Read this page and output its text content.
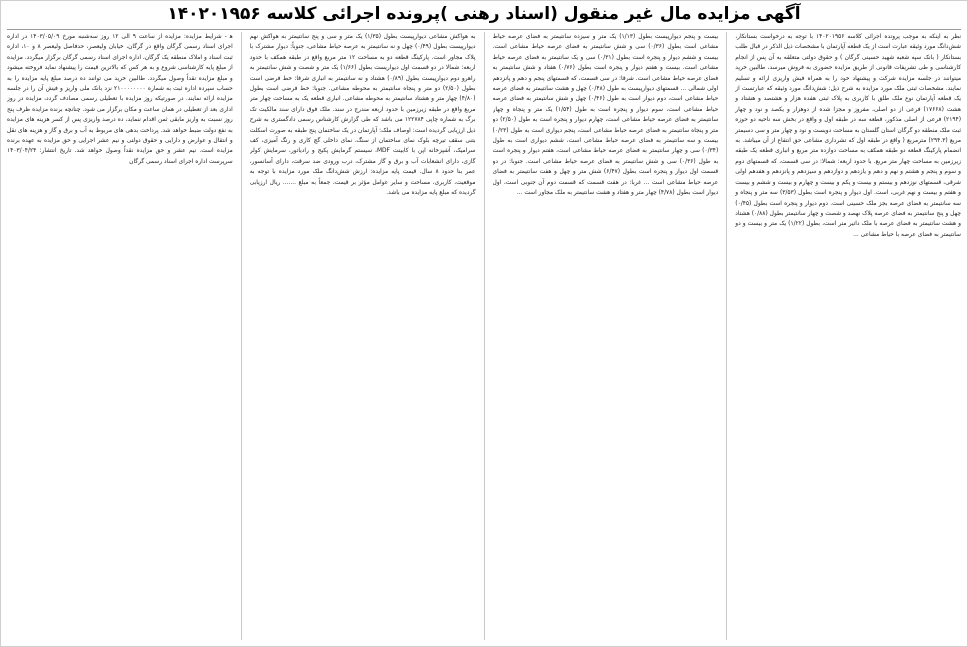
آگهی مزایده مال غیر منقول (اسناد رهنی )پرونده اجرائی کلاسه ۱۴۰۲۰۱۹۵۶

نظر به اینکه به موجب پرونده اجرائی کلاسه ۱۴۰۲۰۱۹۵۶ با توجه به درخواست بستانکار، شش‌دانگ مورد وثیقه عبارت است از یک قطعه آپارتمان با مشخصات ذیل الذکر در قبال طلب بستانکار ( بانک سپه شعبه شهید حسینی گرگان ) و حقوق دولتی متعلقه به آن پس از انجام کارشناسی و طی تشریفات قانونی از طریق مزایده حضوری به فروش میرسد، طالبین خرید میتوانند در جلسه مزایده شرکت و پیشنهاد خود را به همراه فیش واریزی ارائه و تسلیم نمایند. مشخصات ثبتی ملک مورد مزایده به شرح ذیل: شش‌دانگ مورد وثیقه که عبارتست از یک قطعه آپارتمان نوع ملک طلق با کاربری به پلاک ثبتی هفده هزار و هشتصد و هشتاد و هشت (۱۷۶۶۸) فرعی از دو اصلی، مفروز و مجزا شده از دوهزار و یکصد و نود و چهار (۲۱۹۴) فرعی از اصلی مذکور، قطعه سه در طبقه اول و واقع در بخش سه ناحیه دو حوزه ثبت ملک منطقه دو گرگان استان گلستان به مساحت دویست و نود و چهار متر و سی دسیمتر مربع (۲۹۴.۳) مترمربع ( واقع در طبقه اول که تشرداری مشاعی حق انتفاع از آن میباشد. به انضمام پارکینگ قطعه دو طبقه همکف به مساحت دوازده متر مربع و انباری قطعه یک طبقه زیرزمین به مساحت چهار متر مربع. با حدود اربعه: شمالا: در سی قسمت، که قسمتهای دوم و سوم و پنجم و هشتم و نهم و دهم و یازدهم و دوازدهم و سیزدهم و پانزدهم و هفدهم اولی شرقی، قسمتهای نوزدهم و بیستم و بیست و یکم و بیست و چهارم و بیست و ششم و بیست و هفتم و بیست و نهم غربی، است. اول دیوار و پنجره است بطول (۳/۵۳) سه متر و پنجاه و سه سانتیمتر به فضای عرصه بجز ملک حسینی است. دوم دیوار و پنجره است بطول (۰/۴۵) چهل و پنج سانتیمتر به فضای عرصه پلاک نهصد و شصت و چهار سانتیمتر بطول (۰/۸۸) هشتاد و هشت سانتیمتر به فضای عرصه با ملک داتیر متر است، بطول (۱/۲۲) یک متر و بیست و دو سانتیمتر به فضای عرصه با حیاط مشاعی ...

بیست و پنجم دیوارپیست بطول (۱/۱۳) یک متر و سیزده سانتیمتر به فضای عرصه حیاط مشاعی است بطول (۰/۳۶) سی و شش سانتیمتر به فضای عرصه حیاط مشاعی است. بیست و ششم دیوار و پنجره است بطول (۰/۳۱) سی و یک سانتیمتر به فضای عرصه حیاط مشاعی است. بیست و هفتم دیوار و پنجره است بطول (۰/۷۶) هفتاد و شش سانتیمتر به فضای عرصه حیاط مشاعی است. شرقا: در سی قسمت، که قسمتهای پنجم و دهم و پانزدهم اولی شمالی ... قسمتهای دیوارپیست به طول (۰/۴۸) چهل و هشت سانتیمتر به فضای عرصه حیاط مشاعی است، دوم دیوار است به طول (۰/۴۶) چهل و شش سانتیمتر به فضای عرصه حیاط مشاعی است، سوم دیوار و پنجره است به طول (۱/۵۴) یک متر و پنجاه و چهار سانتیمتر به فضای عرصه حیاط مشاعی است، چهارم دیوار و پنجره است به طول (۲/۵۰) دو متر و پنجاه سانتیمتر به فضای عرصه حیاط مشاعی است، پنجم دیواری است به طول (۰/۲۳) بیست و سه سانتیمتر به فضای عرصه حیاط مشاعی است، ششم دیواری است به طول (۰/۳۴) سی و چهار سانتیمتر به فضای عرصه حیاط مشاعی است، هفتم دیوار و پنجره است به طول (۰/۳۶) سی و شش سانتیمتر به فضای عرصه حیاط مشاعی است. جنوبا: در دو قسمت اول دیوار و پنجره است بطول (۶/۴۷) شش متر و چهل و هفت سانتیمتر به فضای عرصه حیاط مشاعی است ... غربا: در هفت قسمت که قسمت دوم آن جنوبی است، اول دیوار است بطول (۴/۷۸) چهار متر و هفتاد و هشت سانتیمتر به ملک مجاور است ...

به هواکش مشاعی دیوارپیست بطول (۱/۳۵) یک متر و سی و پنج سانتیمتر به هواکش نهم دیوارپیست بطول (۰/۴۹) چهل و نه سانتیمتر به عرصه حیاط مشاعی، جنوباً: دیوار مشترک با پلاک مجاور است. پارکینگ قطعه دو به مساحت ۱۲ متر مربع واقع در طبقه همکف با حدود اربعه: شمالا در دو قسمت اول دیواریست بطول (۱/۶۶) یک متر و شصت و شش سانتیمتر به راهرو دوم دیوارپیست بطول (۰/۸۹) هشتاد و نه سانتیمتر به انباری شرقا: خط فرضی است بطول (۲/۵۰) دو متر و پنجاه سانتیمتر به محوطه مشاعی. جنوبا: خط فرضی است بطول (۴/۸۰) چهار متر و هشتاد سانتیمتر به محوطه مشاعی. انباری قطعه یک به مساحت چهار متر مربع واقع در طبقه زیرزمین با حدود اربعه مندرج در سند. ملک فوق دارای سند مالکیت تک برگ به شماره چاپی ۱۲۲۷۸۴ می باشد که طی گزارش کارشناس رسمی دادگستری به شرح ذیل ارزیابی گردیده است: اوصاف ملک: آپارتمان در یک ساختمان پنج طبقه به صورت اسکلت بتنی سقف تیرچه بلوک نمای ساختمان از سنگ، نمای داخلی گچ کاری و رنگ آمیزی، کف سرامیک، آشپزخانه اپن با کابینت MDF، سیستم گرمایش پکیج و رادیاتور، سرمایش کولر گازی، دارای انشعابات آب و برق و گاز مشترک، درب ورودی ضد سرقت، دارای آسانسور، عمر بنا حدود ۸ سال. قیمت پایه مزایده: ارزش شش‌دانگ ملک مورد مزایده با توجه به موقعیت، کاربری، مساحت و سایر عوامل مؤثر بر قیمت، جمعاً به مبلغ ....... ریال ارزیابی گردیده که مبلغ پایه مزایده می باشد.

ه‍ - شرایط مزایده: مزایده از ساعت ۹ الی ۱۲ روز سه‌شنبه مورخ ۱۴۰۳/۰۵/۰۹ در اداره اجرای اسناد رسمی گرگان واقع در گرگان، خیابان ولیعصر، حدفاصل ولیعصر ۸ و ۱۰، اداره ثبت اسناد و املاک منطقه یک گرگان، اداره اجرای اسناد رسمی گرگان برگزار میگردد. مزایده از مبلغ پایه کارشناسی شروع و به هر کس که بالاترین قیمت را پیشنهاد نماید فروخته میشود و مبلغ مزایده نقداً وصول میگردد. طالبین خرید می توانند ده درصد مبلغ پایه مزایده را به حساب سپرده اداره ثبت به شماره ۲۱۰۰۰۰۰۰۰۰ نزد بانک ملی واریز و فیش آن را در جلسه مزایده ارائه نمایند. در صورتیکه روز مزایده با تعطیلی رسمی مصادف گردد، مزایده در روز اداری بعد از تعطیلی در همان ساعت و مکان برگزار می شود. چنانچه برنده مزایده ظرف پنج روز نسبت به واریز مابقی ثمن اقدام ننماید، ده درصد واریزی پس از کسر هزینه های مزایده به نفع دولت ضبط خواهد شد. پرداخت بدهی های مربوط به آب و برق و گاز و هزینه های نقل و انتقال و عوارض و دارایی و حقوق دولتی و نیم عشر اجرایی و حق مزایده به عهده برنده مزایده است. نیم عشر و حق مزایده نقداً وصول خواهد شد. تاریخ انتشار: ۱۴۰۳/۰۴/۲۴ سرپرست اداره اجرای اسناد رسمی گرگان
